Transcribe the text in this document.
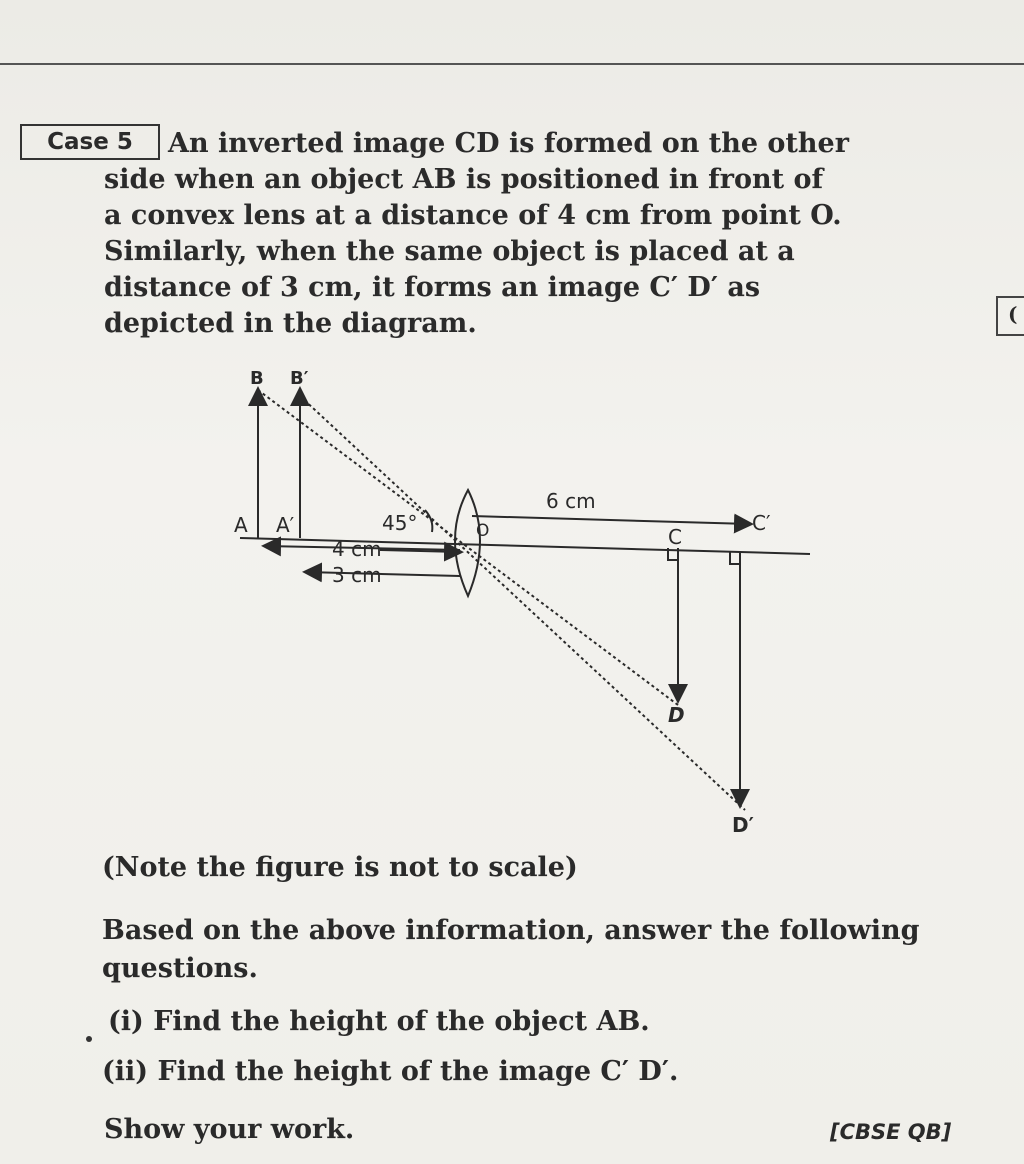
Case 5	An inverted image CD is formed on the other
side when an object AB is positioned in front of
a convex lens at a distance of 4 cm from point O.
Similarly, when the same object is placed at a
distance of 3 cm, it forms an image C′ D′ as
depicted in the diagram.	(
B B′
A A′	45°	O
6 cm
4 cm
3 cm
C
C′
D
D′
(Note the figure is not to scale)
Based on the above information, answer the following questions.
(i) Find the height of the object AB.
(ii) Find the height of the image C′ D′.
Show your work.	[CBSE QB]
